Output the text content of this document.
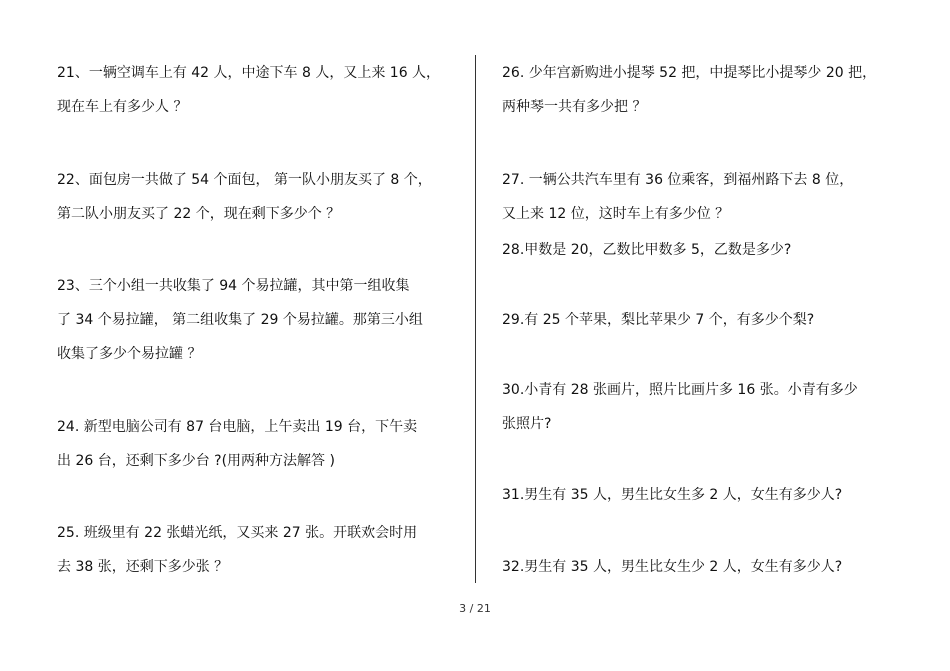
21、一辆空调车上有 42 人，中途下车 8 人，又上来 16 人，
现在车上有多少人 ？
22、面包房一共做了 54 个面包， 第一队小朋友买了 8 个，
第二队小朋友买了 22 个，现在剩下多少个 ？
23、三个小组一共收集了 94 个易拉罐，其中第一组收集
了 34 个易拉罐， 第二组收集了 29 个易拉罐。那第三小组
收集了多少个易拉罐 ？
24. 新型电脑公司有 87 台电脑，上午卖出 19 台，下午卖
出 26 台，还剩下多少台 ?(用两种方法解答 )
25. 班级里有 22 张蜡光纸，又买来 27 张。开联欢会时用
去 38 张，还剩下多少张 ？
26. 少年宫新购进小提琴 52 把，中提琴比小提琴少 20 把，
两种琴一共有多少把 ？
27. 一辆公共汽车里有 36 位乘客，到福州路下去 8 位，
又上来 12 位，这时车上有多少位 ？
28.甲数是 20，乙数比甲数多 5，乙数是多少?
29.有 25 个苹果，梨比苹果少 7 个，有多少个梨?
30.小青有 28 张画片，照片比画片多 16 张。小青有多少
张照片?
31.男生有 35 人，男生比女生多 2 人，女生有多少人?
32.男生有 35 人，男生比女生少 2 人，女生有多少人?
3 / 21
